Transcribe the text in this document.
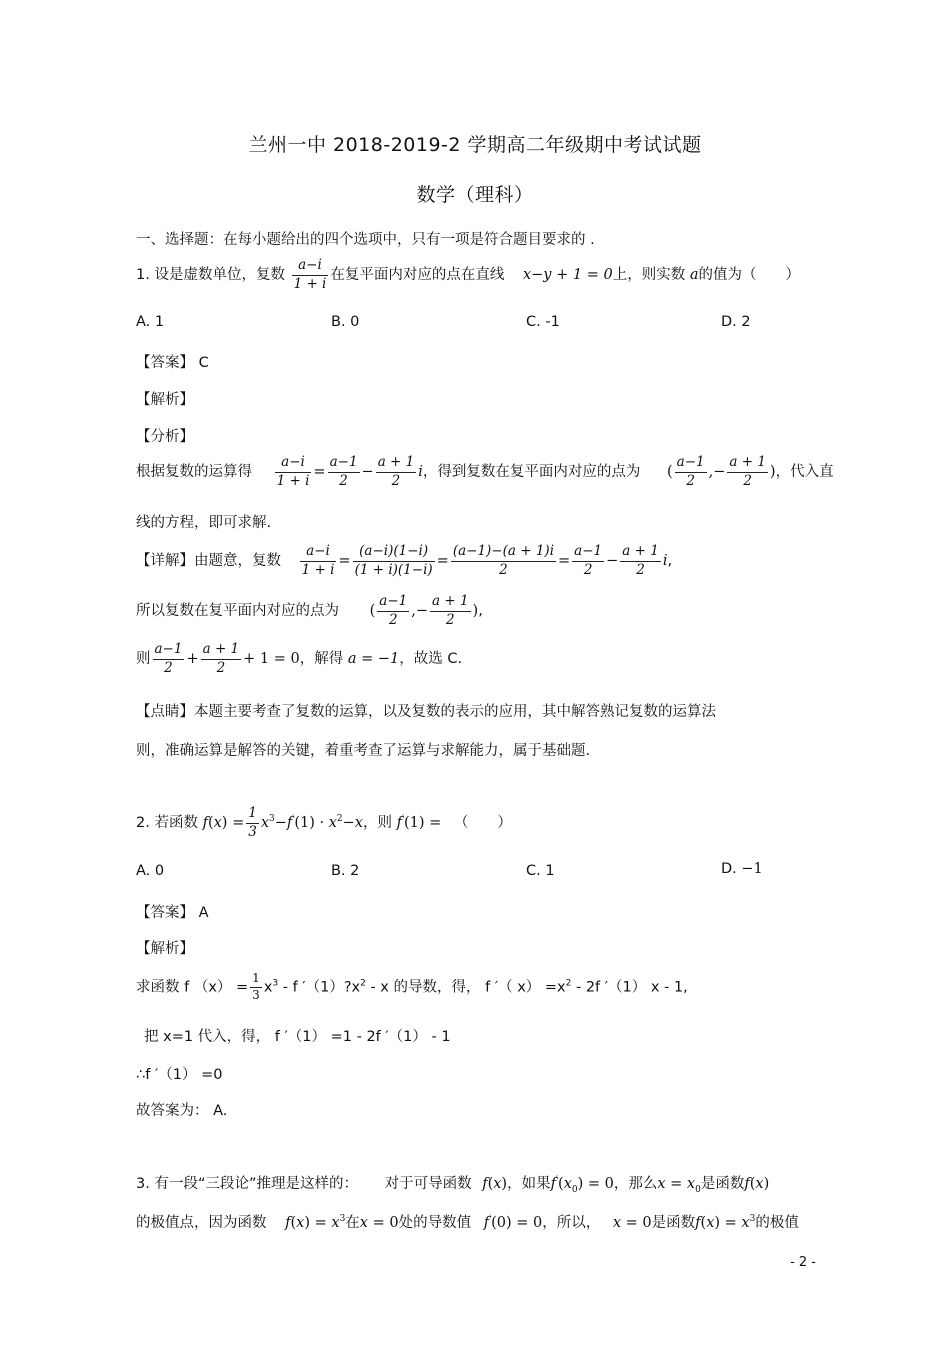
兰州一中 2018-2019-2 学期高二年级期中考试试题
数学（理科）
一、选择题：在每小题给出的四个选项中，只有一项是符合题目要求的 .
1. 设是虚数单位，复数 $\frac{a-i}{1 + i}$ 在复平面内对应的点在直线 x−y + 1 = 0上，则实数 a的值为（　　）
A. 1	B. 0	C. -1	D. 2
【答案】 C
【解析】
【分析】
根据复数的运算得 $\frac{a-i}{1 + i} = \frac{a-1}{2} - \frac{a + 1}{2}$ i，得到复数在复平面内对应的点为 ( $\frac{a-1}{2}$ ,− $\frac{a + 1}{2}$ )，代入直
线的方程，即可求解.
【详解】由题意，复数 $\frac{a-i}{1 + i} = \frac{(a-i)(1-i)}{(1 + i)(1-i)} = \frac{(a-1)-(a + 1)i}{2} = \frac{a-1}{2} - \frac{a + 1}{2} i$,
所以复数在复平面内对应的点为 ( $\frac{a-1}{2}$ ,− $\frac{a + 1}{2}$ ),
则 $\frac{a-1}{2} + \frac{a + 1}{2} + 1 = 0$，解得 a = −1，故选 C.
【点睛】本题主要考查了复数的运算，以及复数的表示的应用，其中解答熟记复数的运算法
则，准确运算是解答的关键，着重考查了运算与求解能力，属于基础题.
2. 若函数 $f(x) = \frac{1}{3} x^3-f'(1) \cdot x^2-x$，则 f′(1) = （　　）
A. 0	B. 2	C. 1	D. −1
【答案】 A
【解析】
求函数 f $(x) = \frac{1}{3} x^3 - f$ $'(1)?x^2$ - x 的导数，得， f ′（ $x) =x^2 - 2f$ ′（1） x - 1,
把 x=1 代入，得， f ′（1） =1 - 2f ′（1） - 1
∴f ′（1） =0
故答案为： A.
3. 有一段“三段论”推理是这样的： 对于可导函数 f(x)，如果$f'(x_0) = 0$，那么$x = x_0$是函数f(x)
的极值点，因为函数 $f(x) = x^3$在x = 0处的导数值 f′(0) = 0，所以， x = 0是函数$f(x) = x^3$的极值
- 2 -
